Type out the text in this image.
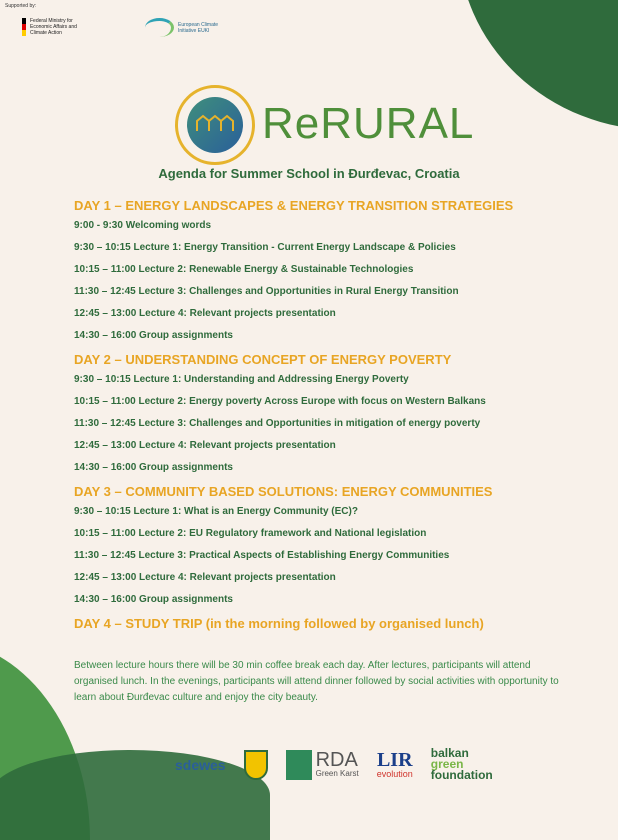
Supported by:
Federal Ministry for Economic Affairs and Climate Action
European Climate Initiative EUKI
ReRURAL
Agenda for Summer School in Đurđevac, Croatia
DAY 1 – ENERGY LANDSCAPES & ENERGY TRANSITION STRATEGIES
9:00 - 9:30 Welcoming words
9:30 – 10:15 Lecture 1: Energy Transition - Current Energy Landscape & Policies
10:15 – 11:00 Lecture 2: Renewable Energy & Sustainable Technologies
11:30 – 12:45 Lecture 3: Challenges and Opportunities in Rural Energy Transition
12:45 – 13:00 Lecture 4: Relevant projects presentation
14:30 – 16:00 Group assignments
DAY 2 – UNDERSTANDING CONCEPT OF ENERGY POVERTY
9:30 – 10:15 Lecture 1: Understanding and Addressing Energy Poverty
10:15 – 11:00 Lecture 2: Energy poverty Across Europe with focus on Western Balkans
11:30 – 12:45 Lecture 3: Challenges and Opportunities in mitigation of energy poverty
12:45 – 13:00 Lecture 4: Relevant projects presentation
14:30 – 16:00 Group assignments
DAY 3 – COMMUNITY BASED SOLUTIONS: ENERGY COMMUNITIES
9:30 – 10:15 Lecture 1: What is an Energy Community (EC)?
10:15 – 11:00 Lecture 2: EU Regulatory framework and National legislation
11:30 – 12:45 Lecture 3: Practical Aspects of Establishing Energy Communities
12:45 – 13:00 Lecture 4: Relevant projects presentation
14:30 – 16:00 Group assignments
DAY 4 – STUDY TRIP (in the morning followed by organised lunch)
Between lecture hours there will be 30 min coffee break each day. After lectures, participants will attend organised lunch. In the evenings, participants will attend dinner followed by social activities with opportunity to learn about Đurđevac culture and enjoy the city beauty.
sdewes	RDA
Green Karst
LIR
evolution
balkan
green
foundation
